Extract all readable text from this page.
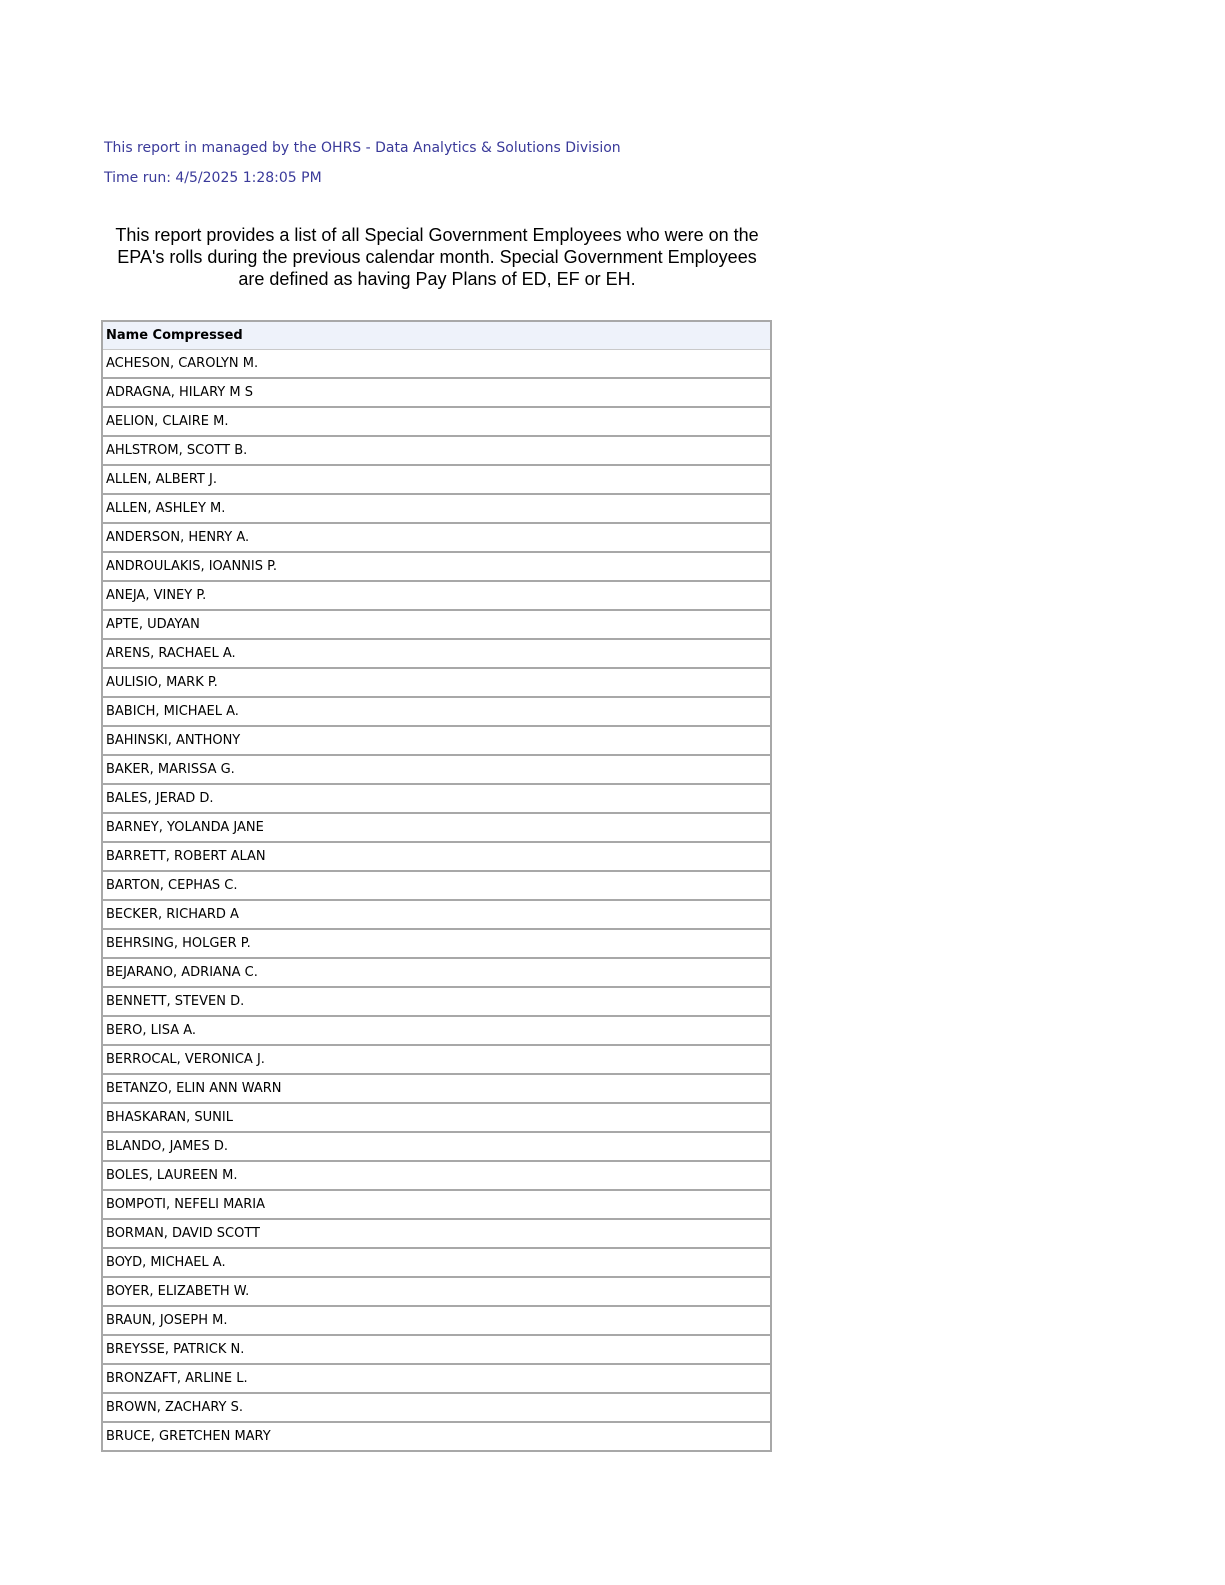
This report in managed by the OHRS - Data Analytics & Solutions Division
Time run: 4/5/2025 1:28:05 PM
This report provides a list of all Special Government Employees who were on the EPA's rolls during the previous calendar month. Special Government Employees are defined as having Pay Plans of ED, EF or EH.
Name Compressed
ACHESON, CAROLYN M.
ADRAGNA, HILARY M S
AELION, CLAIRE M.
AHLSTROM, SCOTT B.
ALLEN, ALBERT J.
ALLEN, ASHLEY M.
ANDERSON, HENRY A.
ANDROULAKIS, IOANNIS P.
ANEJA, VINEY P.
APTE, UDAYAN
ARENS, RACHAEL A.
AULISIO, MARK P.
BABICH, MICHAEL A.
BAHINSKI, ANTHONY
BAKER, MARISSA G.
BALES, JERAD D.
BARNEY, YOLANDA JANE
BARRETT, ROBERT ALAN
BARTON, CEPHAS C.
BECKER, RICHARD A
BEHRSING, HOLGER P.
BEJARANO, ADRIANA C.
BENNETT, STEVEN D.
BERO, LISA A.
BERROCAL, VERONICA J.
BETANZO, ELIN ANN WARN
BHASKARAN, SUNIL
BLANDO, JAMES D.
BOLES, LAUREEN M.
BOMPOTI, NEFELI MARIA
BORMAN, DAVID SCOTT
BOYD, MICHAEL A.
BOYER, ELIZABETH W.
BRAUN, JOSEPH M.
BREYSSE, PATRICK N.
BRONZAFT, ARLINE L.
BROWN, ZACHARY S.
BRUCE, GRETCHEN MARY
